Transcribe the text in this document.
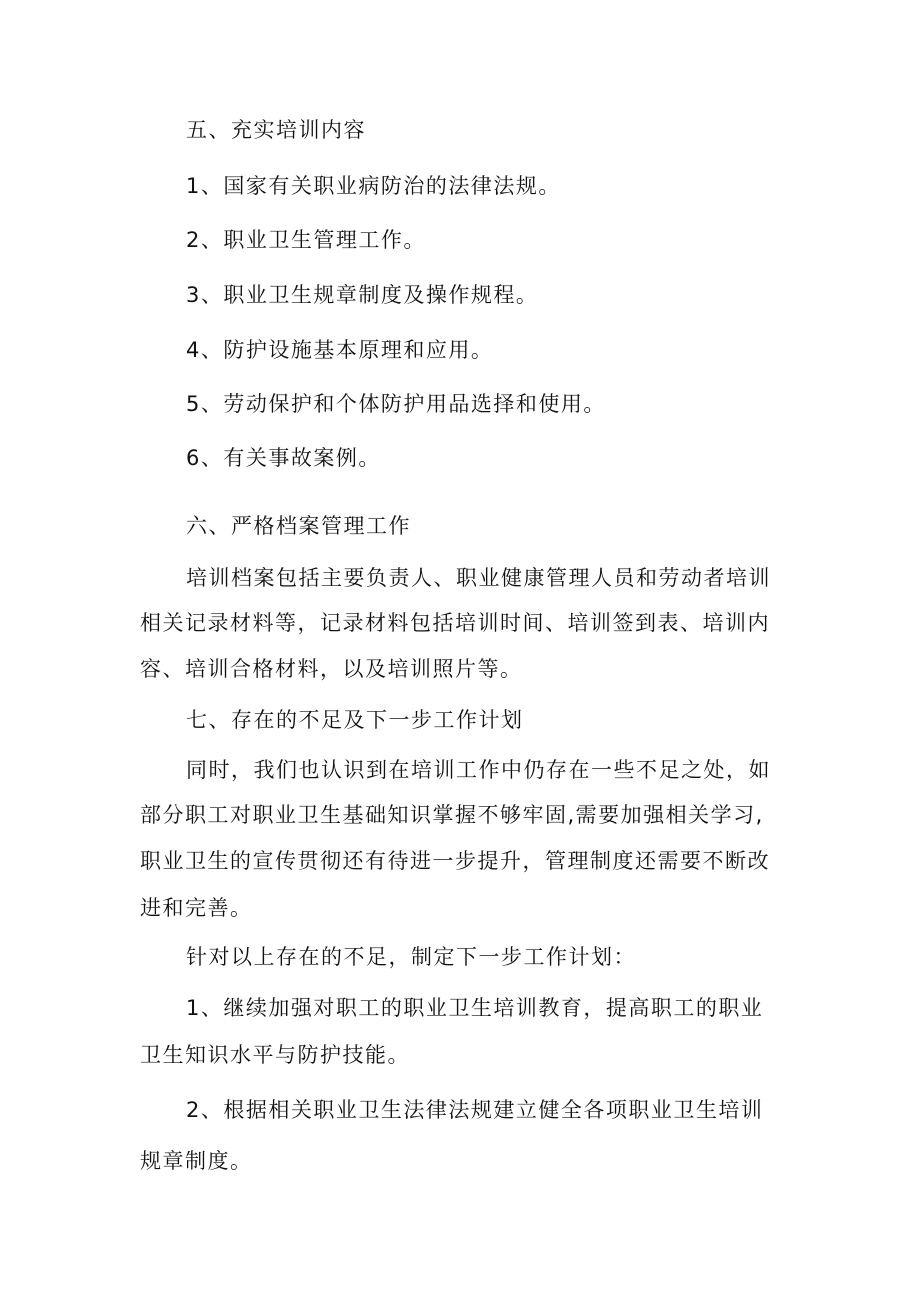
五、充实培训内容
1、国家有关职业病防治的法律法规。
2、职业卫生管理工作。
3、职业卫生规章制度及操作规程。
4、防护设施基本原理和应用。
5、劳动保护和个体防护用品选择和使用。
6、有关事故案例。
六、严格档案管理工作
培训档案包括主要负责人、职业健康管理人员和劳动者培训
相关记录材料等，记录材料包括培训时间、培训签到表、培训内
容、培训合格材料，以及培训照片等。
七、存在的不足及下一步工作计划
同时，我们也认识到在培训工作中仍存在一些不足之处，如
部分职工对职业卫生基础知识掌握不够牢固,需要加强相关学习,
职业卫生的宣传贯彻还有待进一步提升，管理制度还需要不断改
进和完善。
针对以上存在的不足，制定下一步工作计划：
1、继续加强对职工的职业卫生培训教育，提高职工的职业
卫生知识水平与防护技能。
2、根据相关职业卫生法律法规建立健全各项职业卫生培训
规章制度。
